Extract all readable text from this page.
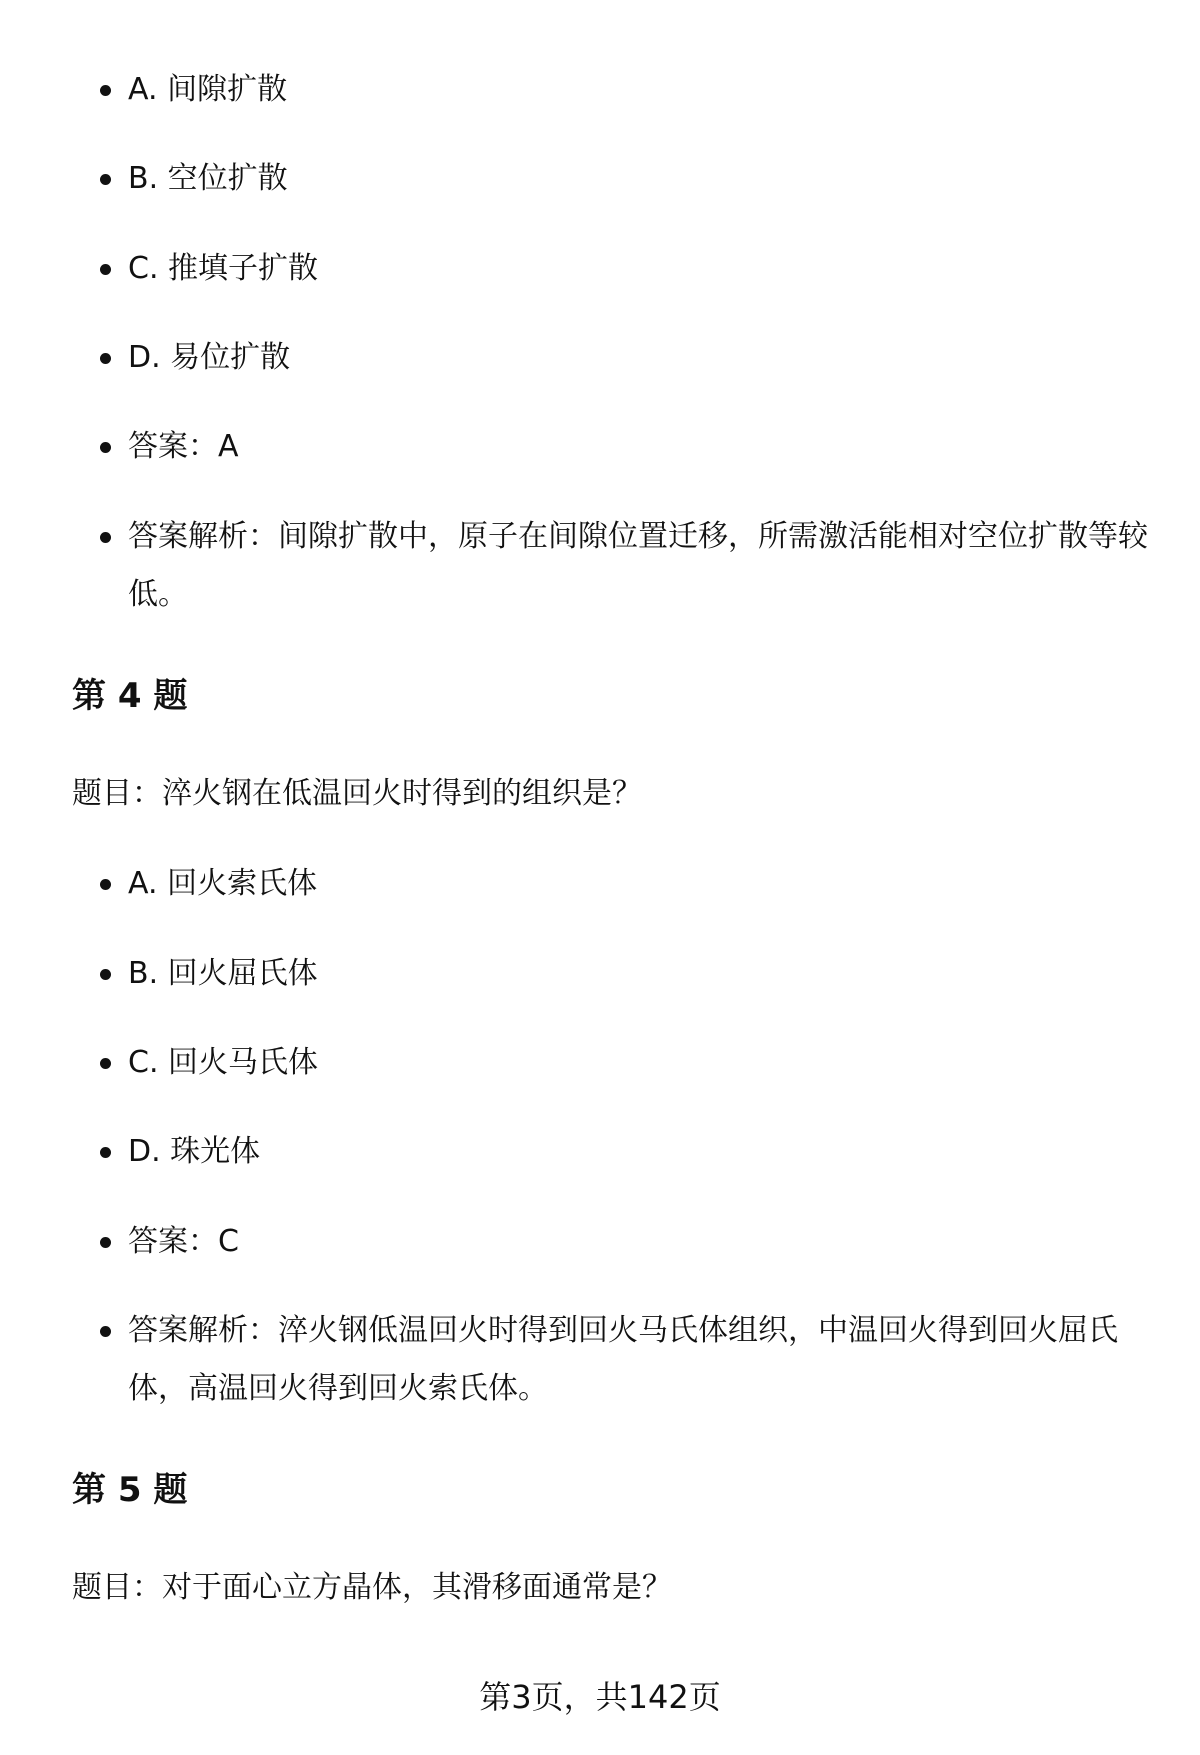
A. 间隙扩散
B. 空位扩散
C. 推填子扩散
D. 易位扩散
答案：A
答案解析：间隙扩散中，原子在间隙位置迁移，所需激活能相对空位扩散等较低。
第 4 题
题目：淬火钢在低温回火时得到的组织是？
A. 回火索氏体
B. 回火屈氏体
C. 回火马氏体
D. 珠光体
答案：C
答案解析：淬火钢低温回火时得到回火马氏体组织，中温回火得到回火屈氏体，高温回火得到回火索氏体。
第 5 题
题目：对于面心立方晶体，其滑移面通常是？
第3页，共142页
